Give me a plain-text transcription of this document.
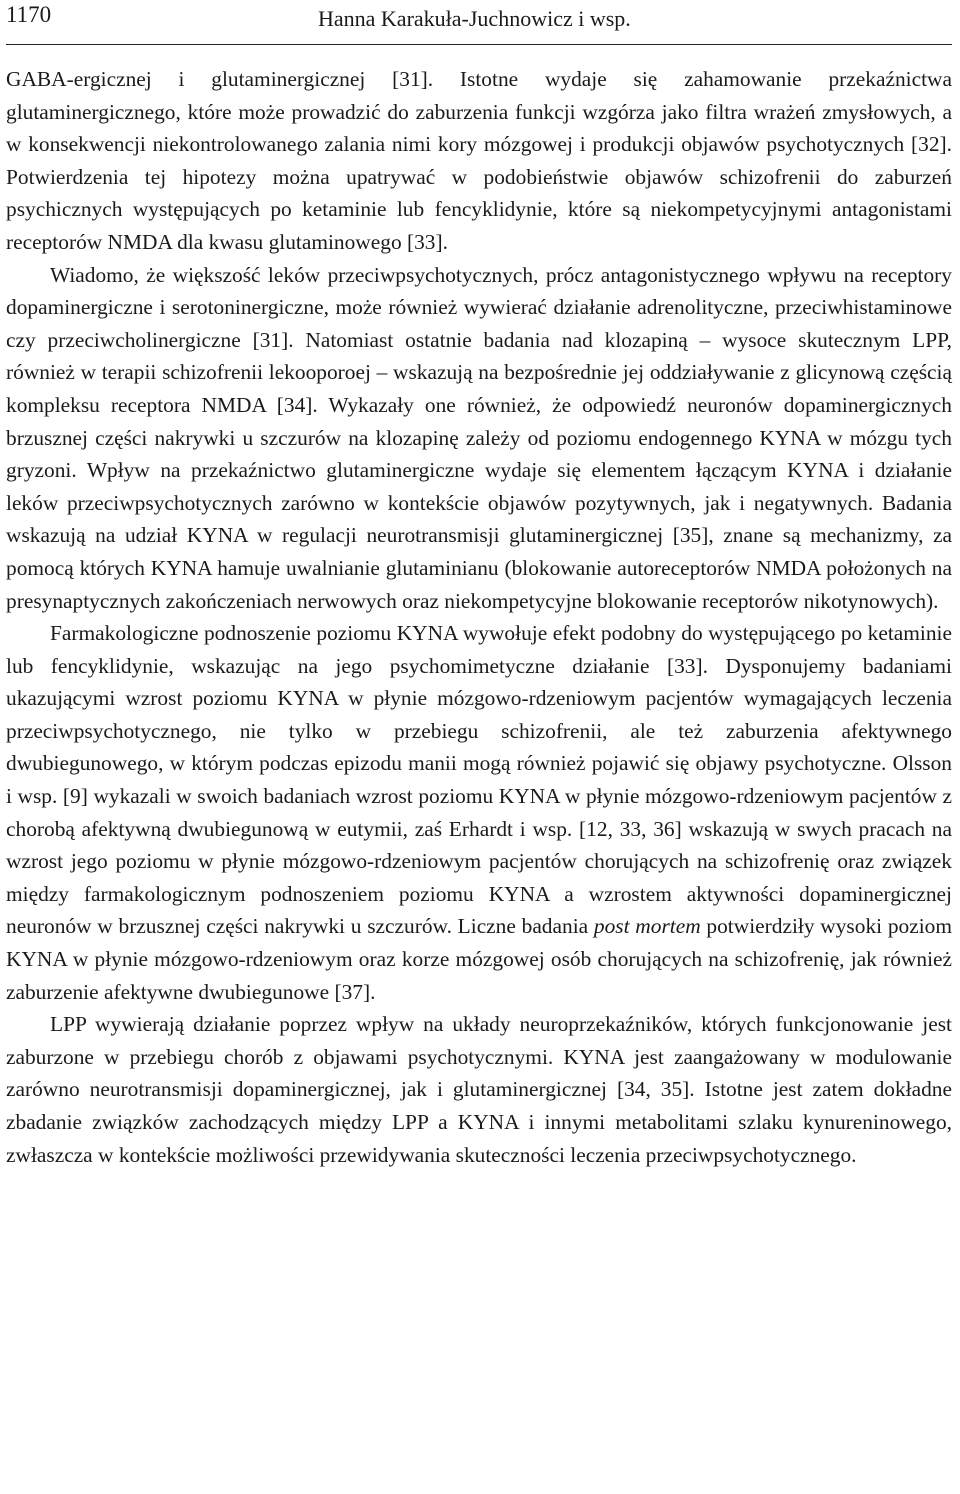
1170	Hanna Karakuła-Juchnowicz i wsp.

GABA-ergicznej i glutaminergicznej [31]. Istotne wydaje się zahamowanie przekaźnictwa glutaminergicznego, które może prowadzić do zaburzenia funkcji wzgórza jako filtra wrażeń zmysłowych, a w konsekwencji niekontrolowanego zalania nimi kory mózgowej i produkcji objawów psychotycznych [32]. Potwierdzenia tej hipotezy można upatrywać w podobieństwie objawów schizofrenii do zaburzeń psychicznych występujących po ketaminie lub fencyklidynie, które są niekompetycyjnymi antagonistami receptorów NMDA dla kwasu glutaminowego [33].

Wiadomo, że większość leków przeciwpsychotycznych, prócz antagonistycznego wpływu na receptory dopaminergiczne i serotoninergiczne, może również wywierać działanie adrenolityczne, przeciwhistaminowe czy przeciwcholinergiczne [31]. Natomiast ostatnie badania nad klozapiną – wysoce skutecznym LPP, również w terapii schizofrenii lekooporoej – wskazują na bezpośrednie jej oddziaływanie z glicynową częścią kompleksu receptora NMDA [34]. Wykazały one również, że odpowiedź neuronów dopaminergicznych brzusznej części nakrywki u szczurów na klozapinę zależy od poziomu endogennego KYNA w mózgu tych gryzoni. Wpływ na przekaźnictwo glutaminergiczne wydaje się elementem łączącym KYNA i działanie leków przeciwpsychotycznych zarówno w kontekście objawów pozytywnych, jak i negatywnych. Badania wskazują na udział KYNA w regulacji neurotransmisji glutaminergicznej [35], znane są mechanizmy, za pomocą których KYNA hamuje uwalnianie glutaminianu (blokowanie autoreceptorów NMDA położonych na presynaptycznych zakończeniach nerwowych oraz niekompetycyjne blokowanie receptorów nikotynowych).

Farmakologiczne podnoszenie poziomu KYNA wywołuje efekt podobny do występującego po ketaminie lub fencyklidynie, wskazując na jego psychomimetyczne działanie [33]. Dysponujemy badaniami ukazującymi wzrost poziomu KYNA w płynie mózgowo-rdzeniowym pacjentów wymagających leczenia przeciwpsychotycznego, nie tylko w przebiegu schizofrenii, ale też zaburzenia afektywnego dwubiegunowego, w którym podczas epizodu manii mogą również pojawić się objawy psychotyczne. Olsson i wsp. [9] wykazali w swoich badaniach wzrost poziomu KYNA w płynie mózgowo-rdzeniowym pacjentów z chorobą afektywną dwubiegunową w eutymii, zaś Erhardt i wsp. [12, 33, 36] wskazują w swych pracach na wzrost jego poziomu w płynie mózgowo-rdzeniowym pacjentów chorujących na schizofrenię oraz związek między farmakologicznym podnoszeniem poziomu KYNA a wzrostem aktywności dopaminergicznej neuronów w brzusznej części nakrywki u szczurów. Liczne badania post mortem potwierdziły wysoki poziom KYNA w płynie mózgowo-rdzeniowym oraz korze mózgowej osób chorujących na schizofrenię, jak również zaburzenie afektywne dwubiegunowe [37].

LPP wywierają działanie poprzez wpływ na układy neuroprzekaźników, których funkcjonowanie jest zaburzone w przebiegu chorób z objawami psychotycznymi. KYNA jest zaangażowany w modulowanie zarówno neurotransmisji dopaminergicznej, jak i glutaminergicznej [34, 35]. Istotne jest zatem dokładne zbadanie związków zachodzących między LPP a KYNA i innymi metabolitami szlaku kynureninowego, zwłaszcza w kontekście możliwości przewidywania skuteczności leczenia przeciwpsychotycznego.
